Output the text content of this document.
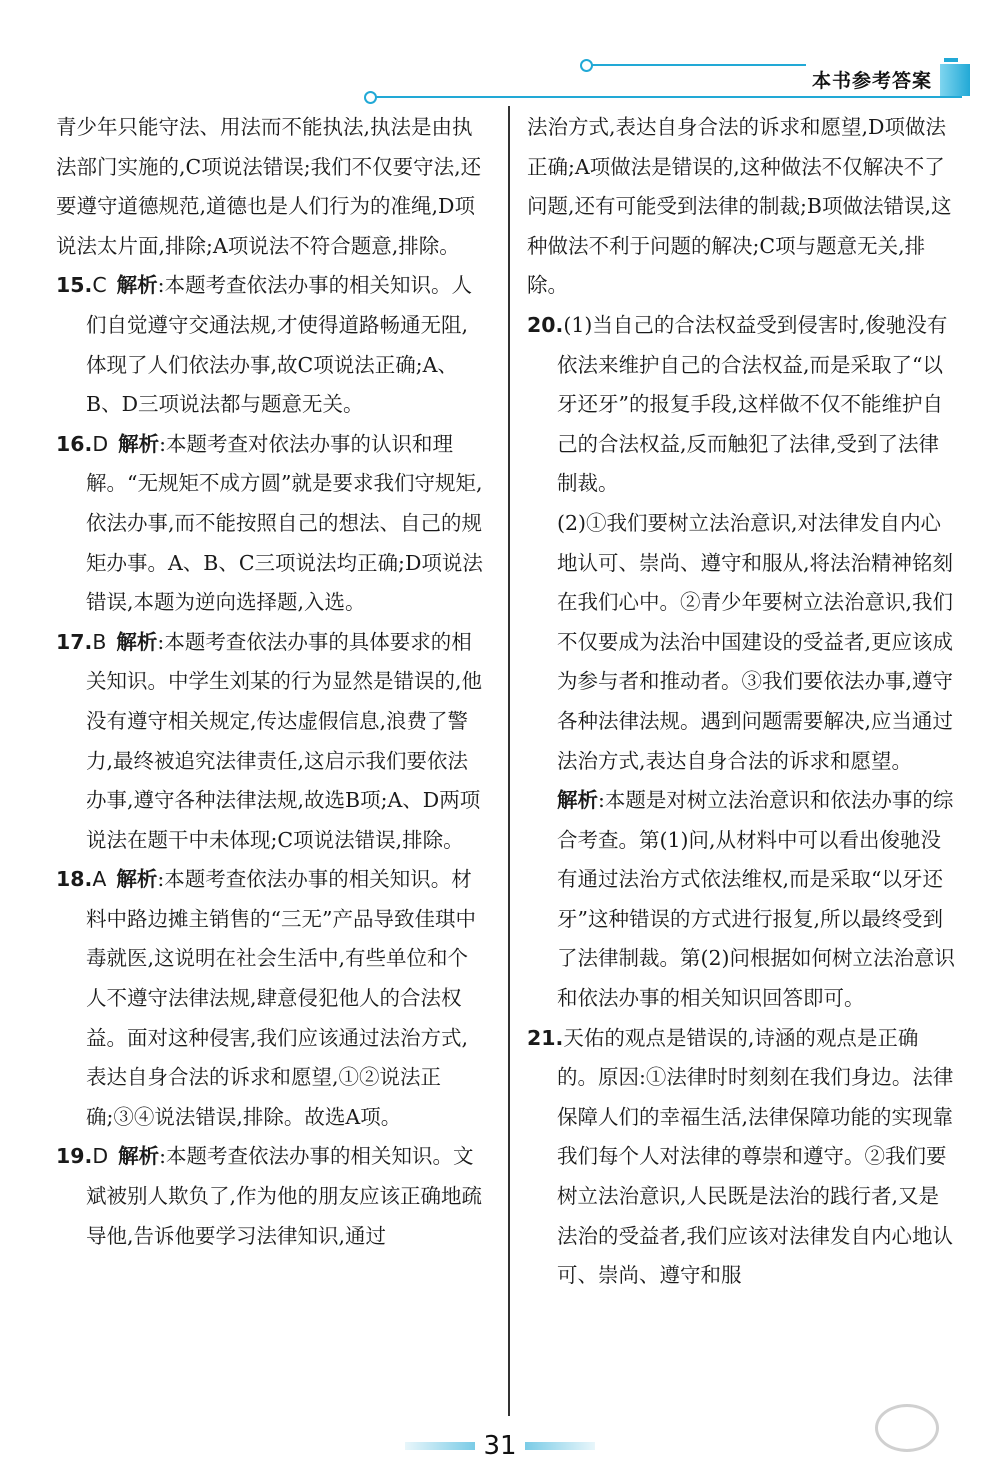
本书参考答案

青少年只能守法、用法而不能执法,执法是由执法部门实施的,C项说法错误;我们不仅要守法,还要遵守道德规范,道德也是人们行为的准绳,D项说法太片面,排除;A项说法不符合题意,排除。

15.C 解析:本题考查依法办事的相关知识。人们自觉遵守交通法规,才使得道路畅通无阻,体现了人们依法办事,故C项说法正确;A、B、D三项说法都与题意无关。

16.D 解析:本题考查对依法办事的认识和理解。“无规矩不成方圆”就是要求我们守规矩,依法办事,而不能按照自己的想法、自己的规矩办事。A、B、C三项说法均正确;D项说法错误,本题为逆向选择题,入选。

17.B 解析:本题考查依法办事的具体要求的相关知识。中学生刘某的行为显然是错误的,他没有遵守相关规定,传达虚假信息,浪费了警力,最终被追究法律责任,这启示我们要依法办事,遵守各种法律法规,故选B项;A、D两项说法在题干中未体现;C项说法错误,排除。

18.A 解析:本题考查依法办事的相关知识。材料中路边摊主销售的“三无”产品导致佳琪中毒就医,这说明在社会生活中,有些单位和个人不遵守法律法规,肆意侵犯他人的合法权益。面对这种侵害,我们应该通过法治方式,表达自身合法的诉求和愿望,①②说法正确;③④说法错误,排除。故选A项。

19.D 解析:本题考查依法办事的相关知识。文斌被别人欺负了,作为他的朋友应该正确地疏导他,告诉他要学习法律知识,通过

法治方式,表达自身合法的诉求和愿望,D项做法正确;A项做法是错误的,这种做法不仅解决不了问题,还有可能受到法律的制裁;B项做法错误,这种做法不利于问题的解决;C项与题意无关,排除。

20.(1)当自己的合法权益受到侵害时,俊驰没有依法来维护自己的合法权益,而是采取了“以牙还牙”的报复手段,这样做不仅不能维护自己的合法权益,反而触犯了法律,受到了法律制裁。

(2)①我们要树立法治意识,对法律发自内心地认可、崇尚、遵守和服从,将法治精神铭刻在我们心中。②青少年要树立法治意识,我们不仅要成为法治中国建设的受益者,更应该成为参与者和推动者。③我们要依法办事,遵守各种法律法规。遇到问题需要解决,应当通过法治方式,表达自身合法的诉求和愿望。

解析:本题是对树立法治意识和依法办事的综合考查。第(1)问,从材料中可以看出俊驰没有通过法治方式依法维权,而是采取“以牙还牙”这种错误的方式进行报复,所以最终受到了法律制裁。第(2)问根据如何树立法治意识和依法办事的相关知识回答即可。

21.天佑的观点是错误的,诗涵的观点是正确的。原因:①法律时时刻刻在我们身边。法律保障人们的幸福生活,法律保障功能的实现靠我们每个人对法律的尊崇和遵守。②我们要树立法治意识,人民既是法治的践行者,又是法治的受益者,我们应该对法律发自内心地认可、崇尚、遵守和服

31
